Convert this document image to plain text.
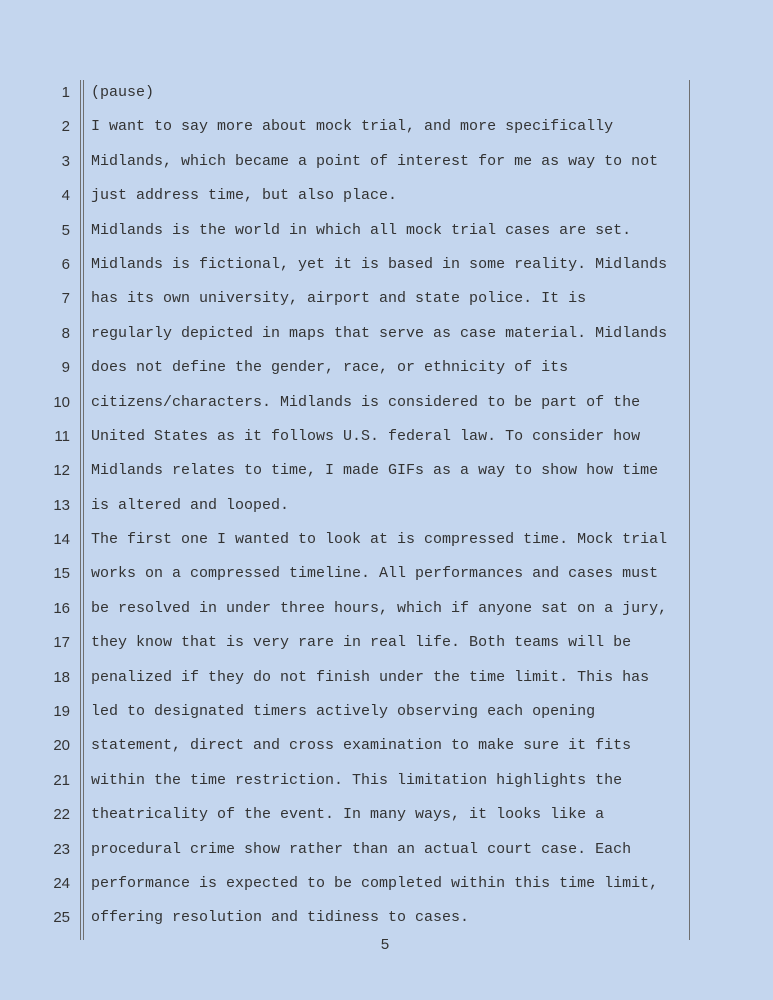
1
2
3
4
5
6
7
8
9
10
11
12
13
14
15
16
17
18
19
20
21
22
23
24
25
(pause)
I want to say more about mock trial, and more specifically
Midlands, which became a point of interest for me as way to not
just address time, but also place.
Midlands is the world in which all mock trial cases are set.
Midlands is fictional, yet it is based in some reality. Midlands
has its own university, airport and state police. It is
regularly depicted in maps that serve as case material. Midlands
does not define the gender, race, or ethnicity of its
citizens/characters. Midlands is considered to be part of the
United States as it follows U.S. federal law. To consider how
Midlands relates to time, I made GIFs as a way to show how time
is altered and looped.
The first one I wanted to look at is compressed time. Mock trial
works on a compressed timeline. All performances and cases must
be resolved in under three hours, which if anyone sat on a jury,
they know that is very rare in real life. Both teams will be
penalized if they do not finish under the time limit. This has
led to designated timers actively observing each opening
statement, direct and cross examination to make sure it fits
within the time restriction. This limitation highlights the
theatricality of the event. In many ways, it looks like a
procedural crime show rather than an actual court case. Each
performance is expected to be completed within this time limit,
offering resolution and tidiness to cases.
5
